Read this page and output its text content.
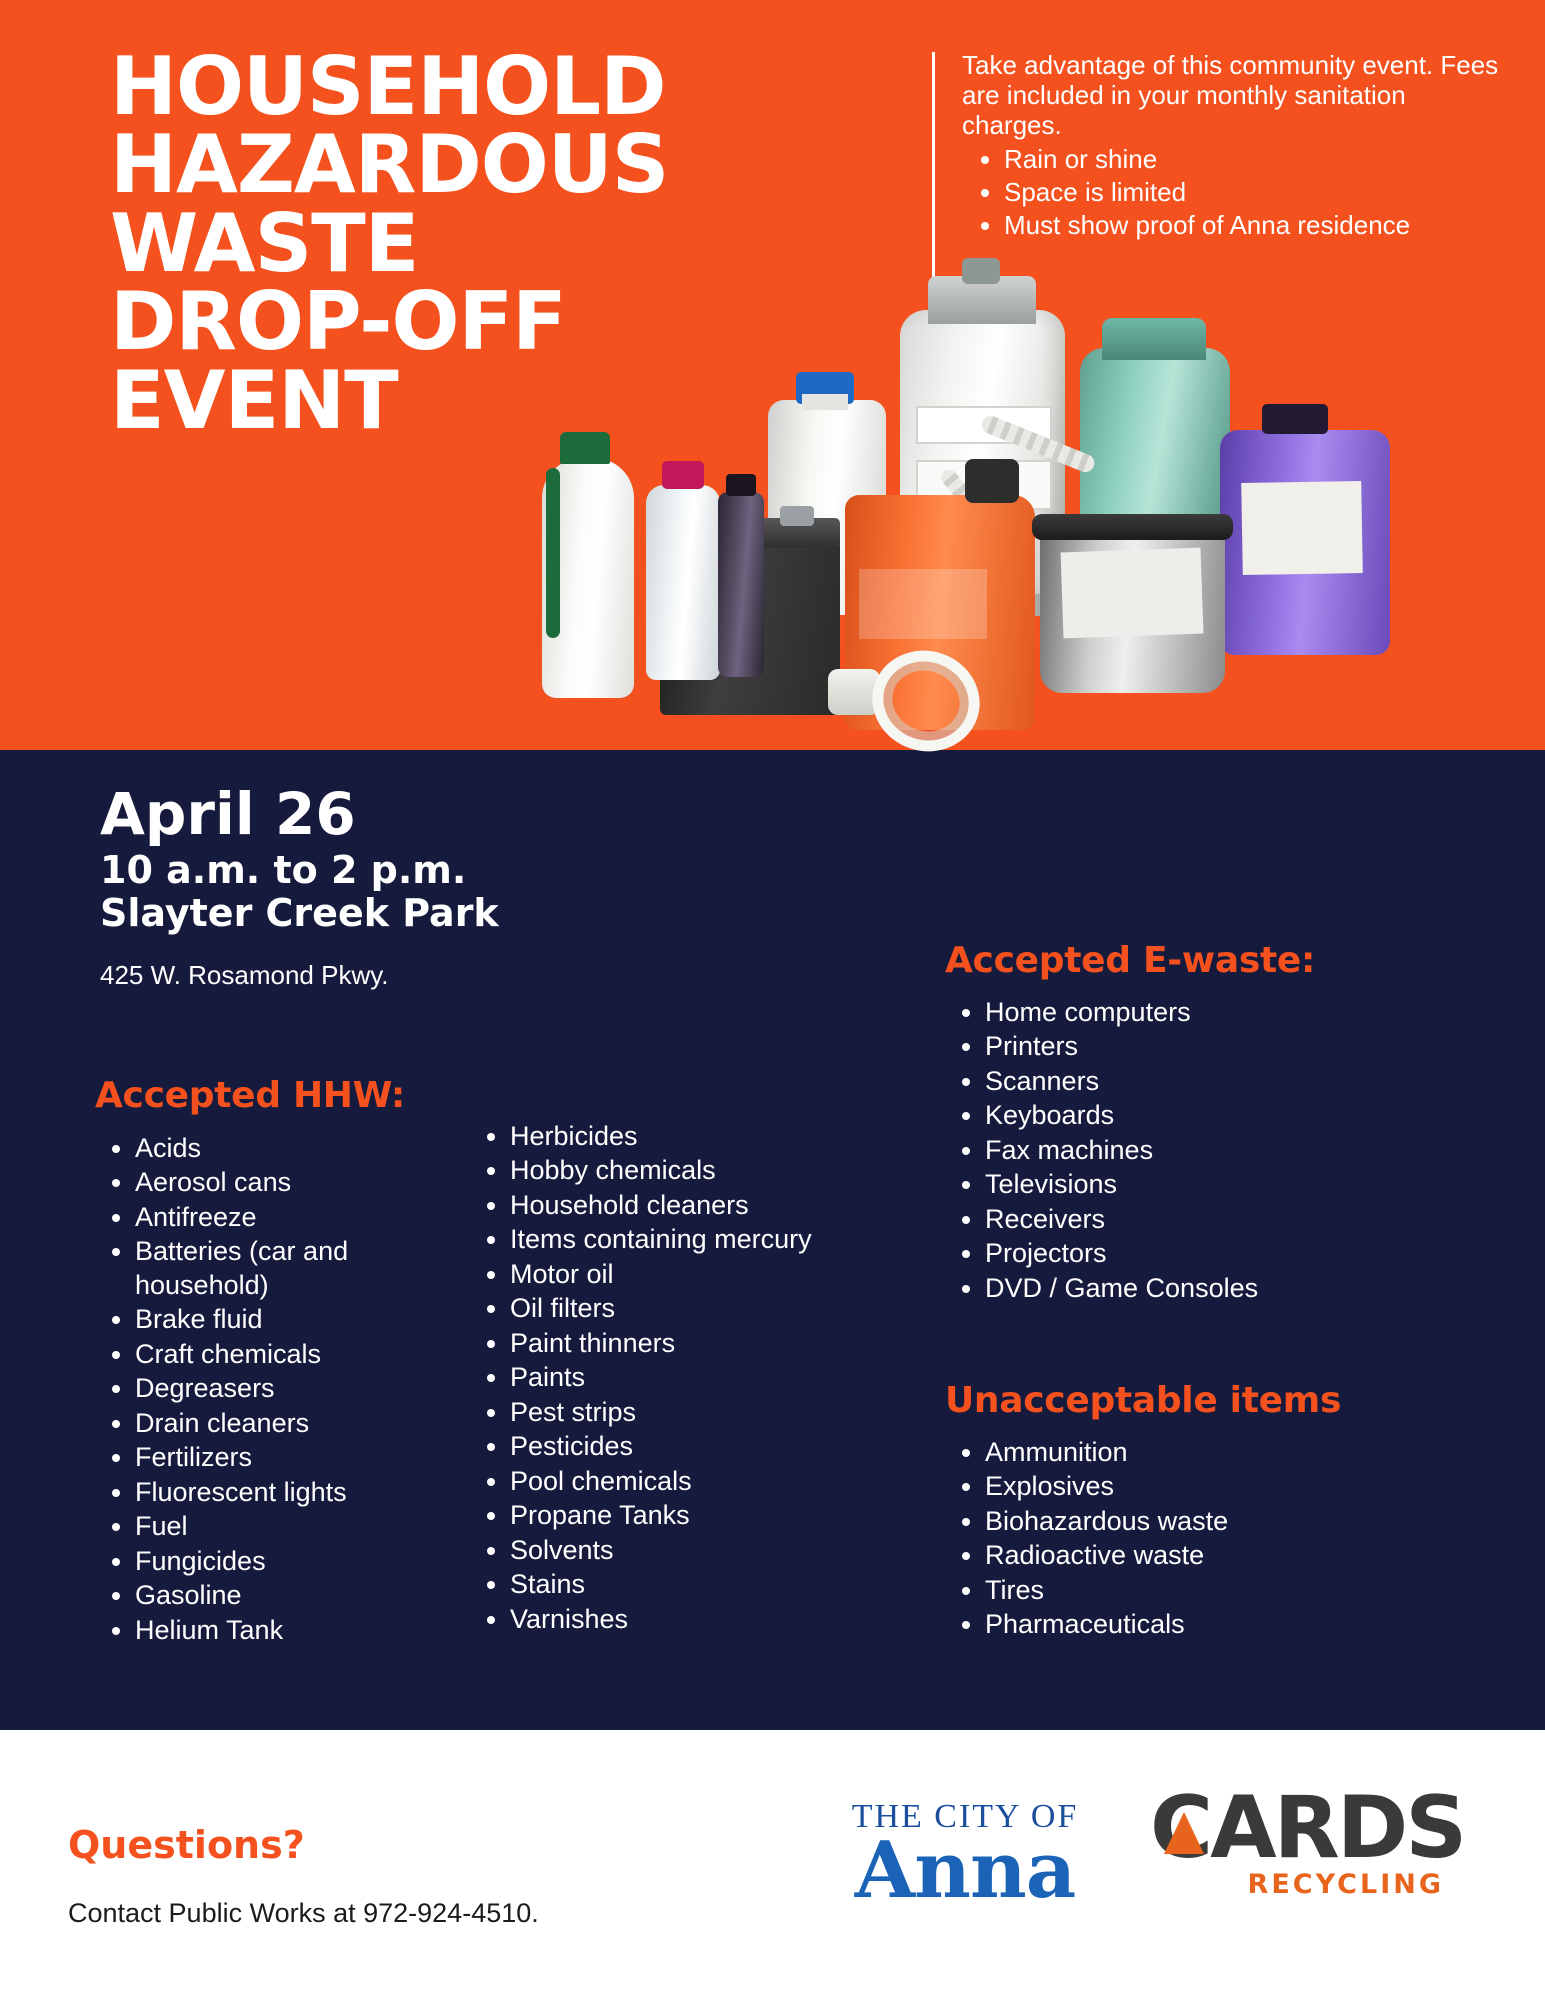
HOUSEHOLD
HAZARDOUS
WASTE
DROP-OFF
EVENT

Take advantage of this community event. Fees are included in your monthly sanitation charges.

• Rain or shine
• Space is limited
• Must show proof of Anna residence
April 26
10 a.m. to 2 p.m.
Slayter Creek Park
425 W. Rosamond Pkwy.
Accepted HHW:
• Acids
• Aerosol cans
• Antifreeze
• Batteries (car and household)
• Brake fluid
• Craft chemicals
• Degreasers
• Drain cleaners
• Fertilizers
• Fluorescent lights
• Fuel
• Fungicides
• Gasoline
• Helium Tank
• Herbicides
• Hobby chemicals
• Household cleaners
• Items containing mercury
• Motor oil
• Oil filters
• Paint thinners
• Paints
• Pest strips
• Pesticides
• Pool chemicals
• Propane Tanks
• Solvents
• Stains
• Varnishes
Accepted E-waste:
• Home computers
• Printers
• Scanners
• Keyboards
• Fax machines
• Televisions
• Receivers
• Projectors
• DVD / Game Consoles
Unacceptable items
• Ammunition
• Explosives
• Biohazardous waste
• Radioactive waste
• Tires
• Pharmaceuticals
Questions?
Contact Public Works at 972-924-4510.
THE CITY OF
Anna CARDS
RECYCLING
